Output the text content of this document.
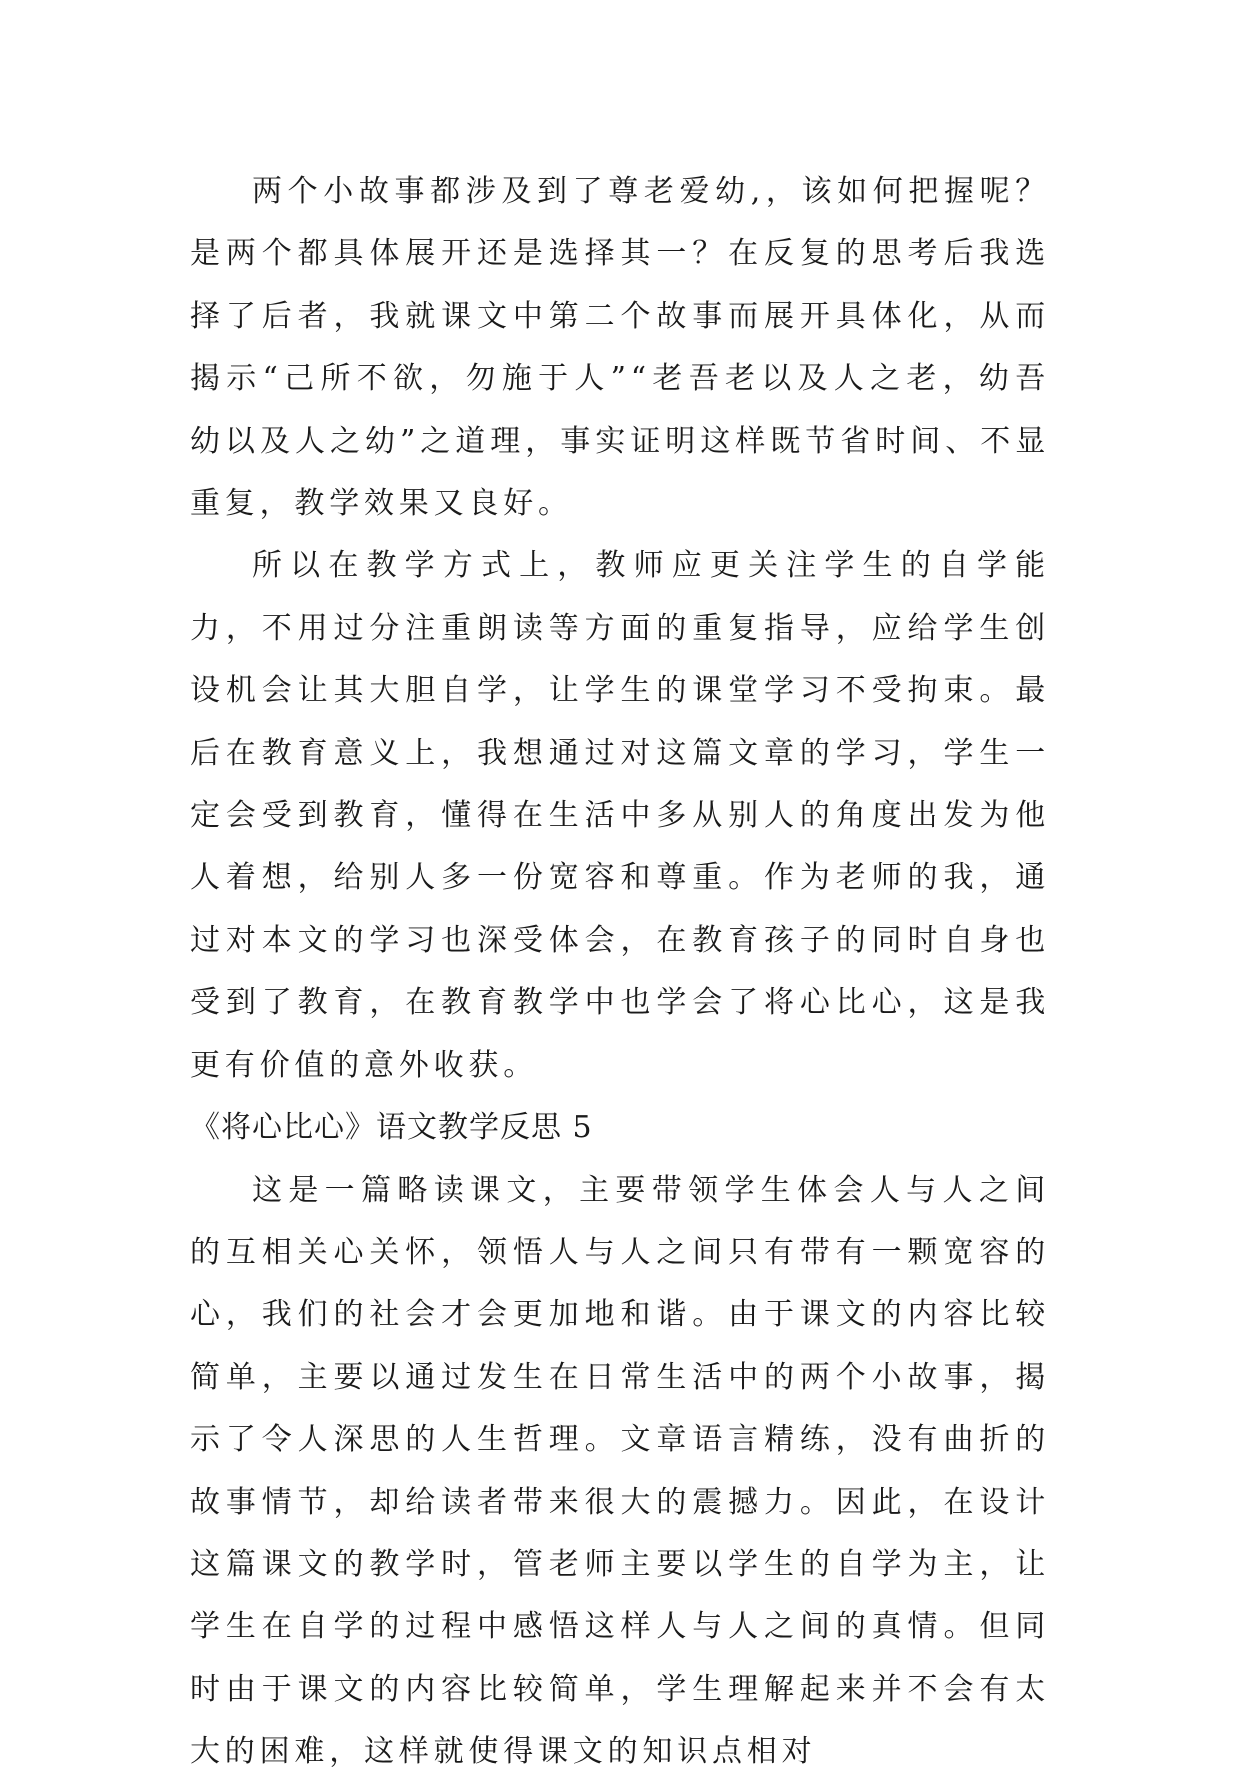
两个小故事都涉及到了尊老爱幼,，该如何把握呢？是两个都具体展开还是选择其一？在反复的思考后我选择了后者，我就课文中第二个故事而展开具体化，从而揭示“己所不欲，勿施于人”“老吾老以及人之老，幼吾幼以及人之幼”之道理，事实证明这样既节省时间、不显重复，教学效果又良好。

所以在教学方式上，教师应更关注学生的自学能力，不用过分注重朗读等方面的重复指导，应给学生创设机会让其大胆自学，让学生的课堂学习不受拘束。最后在教育意义上，我想通过对这篇文章的学习，学生一定会受到教育，懂得在生活中多从别人的角度出发为他人着想，给别人多一份宽容和尊重。作为老师的我，通过对本文的学习也深受体会，在教育孩子的同时自身也受到了教育，在教育教学中也学会了将心比心，这是我更有价值的意外收获。

《将心比心》语文教学反思 5

这是一篇略读课文，主要带领学生体会人与人之间的互相关心关怀，领悟人与人之间只有带有一颗宽容的心，我们的社会才会更加地和谐。由于课文的内容比较简单，主要以通过发生在日常生活中的两个小故事，揭示了令人深思的人生哲理。文章语言精练，没有曲折的故事情节，却给读者带来很大的震撼力。因此，在设计这篇课文的教学时，管老师主要以学生的自学为主，让学生在自学的过程中感悟这样人与人之间的真情。但同时由于课文的内容比较简单，学生理解起来并不会有太大的困难，这样就使得课文的知识点相对
